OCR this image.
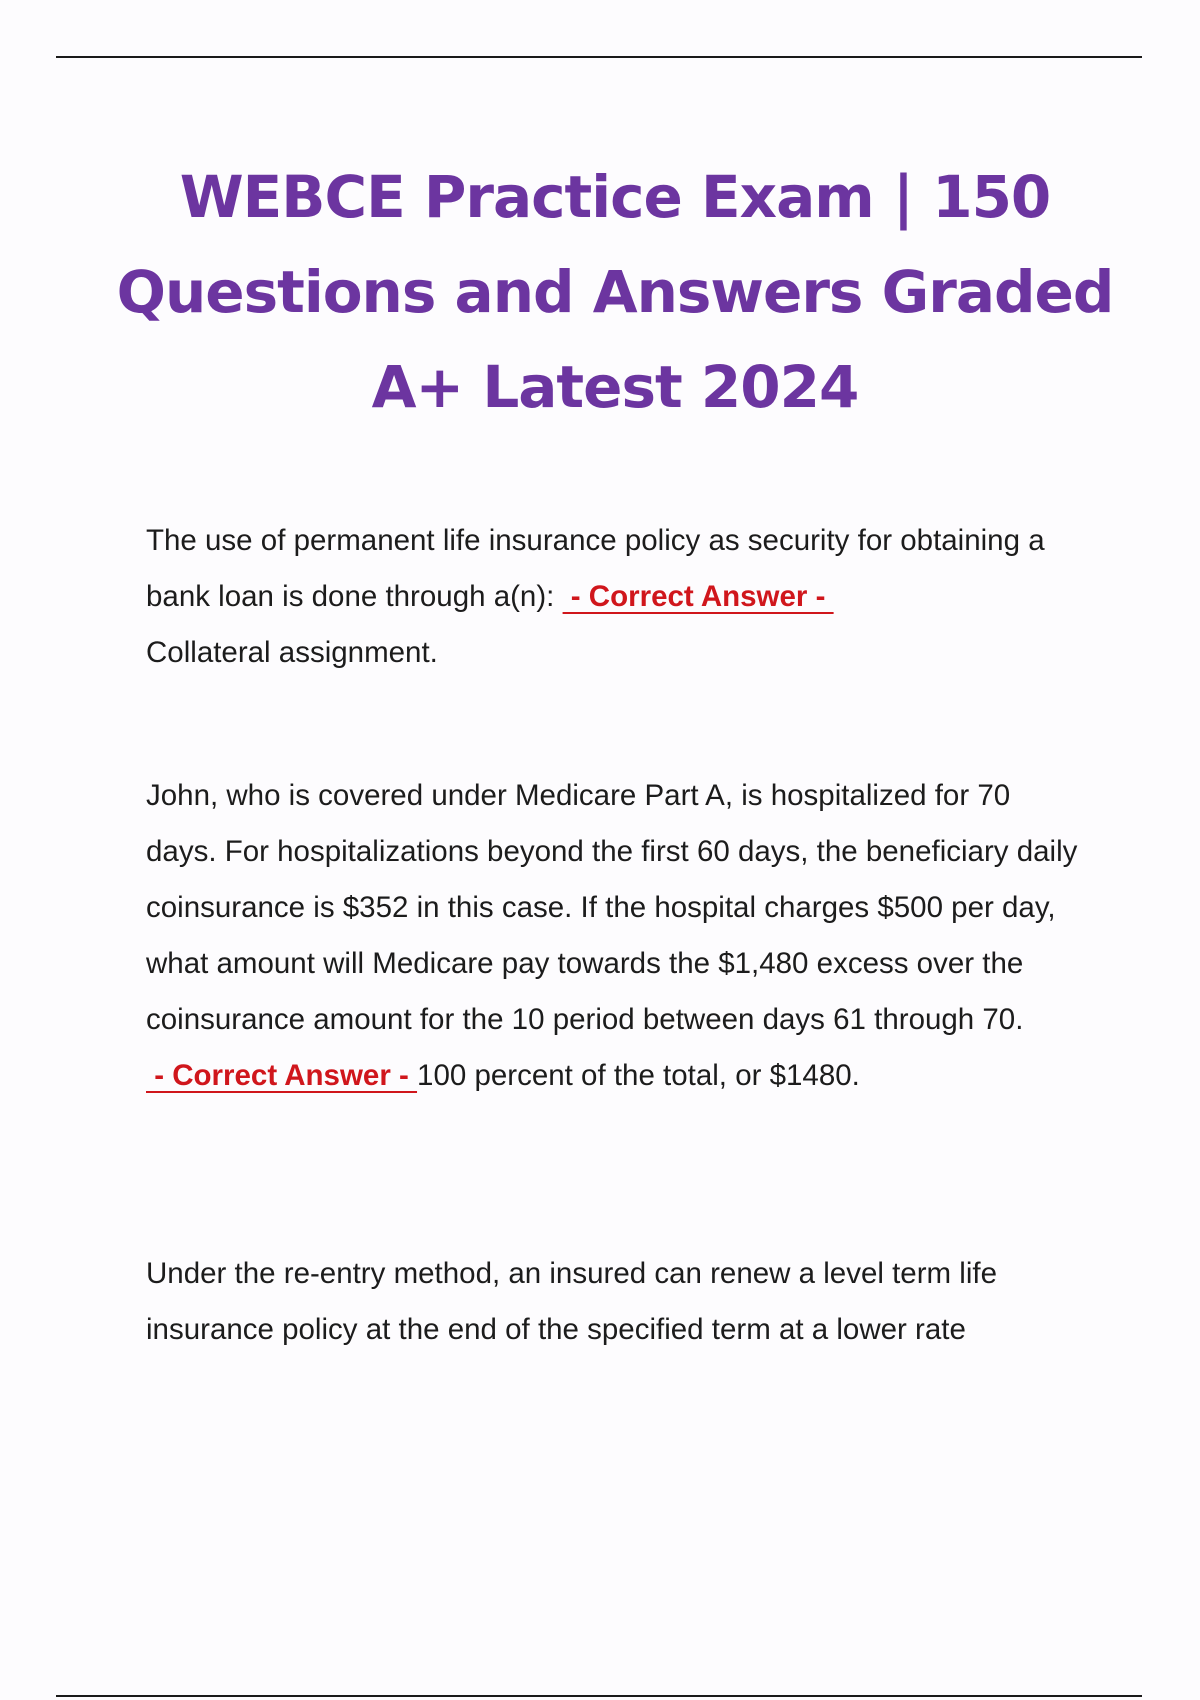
WEBCE Practice Exam | 150 Questions and Answers Graded A+ Latest 2024
The use of permanent life insurance policy as security for obtaining a bank loan is done through a(n):  - Correct Answer -
Collateral assignment.
John, who is covered under Medicare Part A, is hospitalized for 70 days. For hospitalizations beyond the first 60 days, the beneficiary daily coinsurance is $352 in this case. If the hospital charges $500 per day, what amount will Medicare pay towards the $1,480 excess over the coinsurance amount for the 10 period between days 61 through 70.  - Correct Answer - 100 percent of the total, or $1480.
Under the re-entry method, an insured can renew a level term life insurance policy at the end of the specified term at a lower rate
